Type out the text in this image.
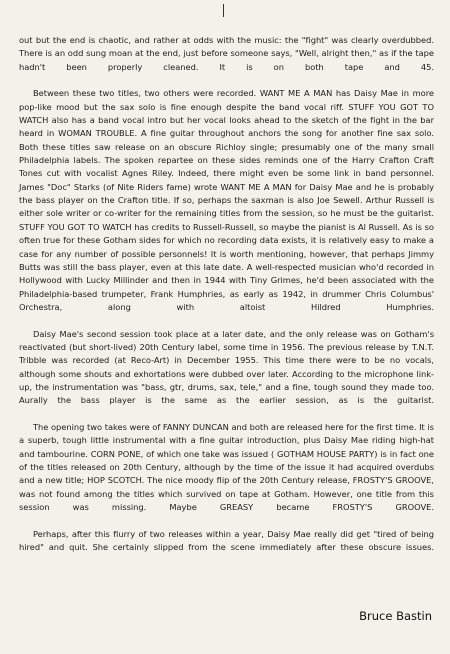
out but the end is chaotic, and rather at odds with the music: the "fight" was clearly overdubbed. There is an odd sung moan at the end, just before someone says, "Well, alright then," as if the tape hadn't been properly cleaned. It is on both tape and 45.

Between these two titles, two others were recorded. WANT ME A MAN has Daisy Mae in more pop-like mood but the sax solo is fine enough despite the band vocal riff. STUFF YOU GOT TO WATCH also has a band vocal intro but her vocal looks ahead to the sketch of the fight in the bar heard in WOMAN TROUBLE. A fine guitar throughout anchors the song for another fine sax solo. Both these titles saw release on an obscure Richloy single; presumably one of the many small Philadelphia labels. The spoken repartee on these sides reminds one of the Harry Crafton Craft Tones cut with vocalist Agnes Riley. Indeed, there might even be some link in band personnel. James "Doc" Starks (of Nite Riders fame) wrote WANT ME A MAN for Daisy Mae and he is probably the bass player on the Crafton title. If so, perhaps the saxman is also Joe Sewell. Arthur Russell is either sole writer or co-writer for the remaining titles from the session, so he must be the guitarist. STUFF YOU GOT TO WATCH has credits to Russell-Russell, so maybe the pianist is Al Russell. As is so often true for these Gotham sides for which no recording data exists, it is relatively easy to make a case for any number of possible personnels! It is worth mentioning, however, that perhaps Jimmy Butts was still the bass player, even at this late date. A well-respected musician who'd recorded in Hollywood with Lucky Millinder and then in 1944 with Tiny Grimes, he'd been associated with the Philadelphia-based trumpeter, Frank Humphries, as early as 1942, in drummer Chris Columbus' Orchestra, along with altoist Hildred Humphries.

Daisy Mae's second session took place at a later date, and the only release was on Gotham's reactivated (but short-lived) 20th Century label, some time in 1956. The previous release by T.N.T. Tribble was recorded (at Reco-Art) in December 1955. This time there were to be no vocals, although some shouts and exhortations were dubbed over later. According to the microphone link-up, the instrumentation was "bass, gtr, drums, sax, tele," and a fine, tough sound they made too. Aurally the bass player is the same as the earlier session, as is the guitarist.

The opening two takes were of FANNY DUNCAN and both are released here for the first time. It is a superb, tough little instrumental with a fine guitar introduction, plus Daisy Mae riding high-hat and tambourine. CORN PONE, of which one take was issued ( GOTHAM HOUSE PARTY) is in fact one of the titles released on 20th Century, although by the time of the issue it had acquired overdubs and a new title; HOP SCOTCH. The nice moody flip of the 20th Century release, FROSTY'S GROOVE, was not found among the titles which survived on tape at Gotham. However, one title from this session was missing. Maybe GREASY became FROSTY'S GROOVE.

Perhaps, after this flurry of two releases within a year, Daisy Mae really did get "tired of being hired" and quit. She certainly slipped from the scene immediately after these obscure issues.

Bruce Bastin
